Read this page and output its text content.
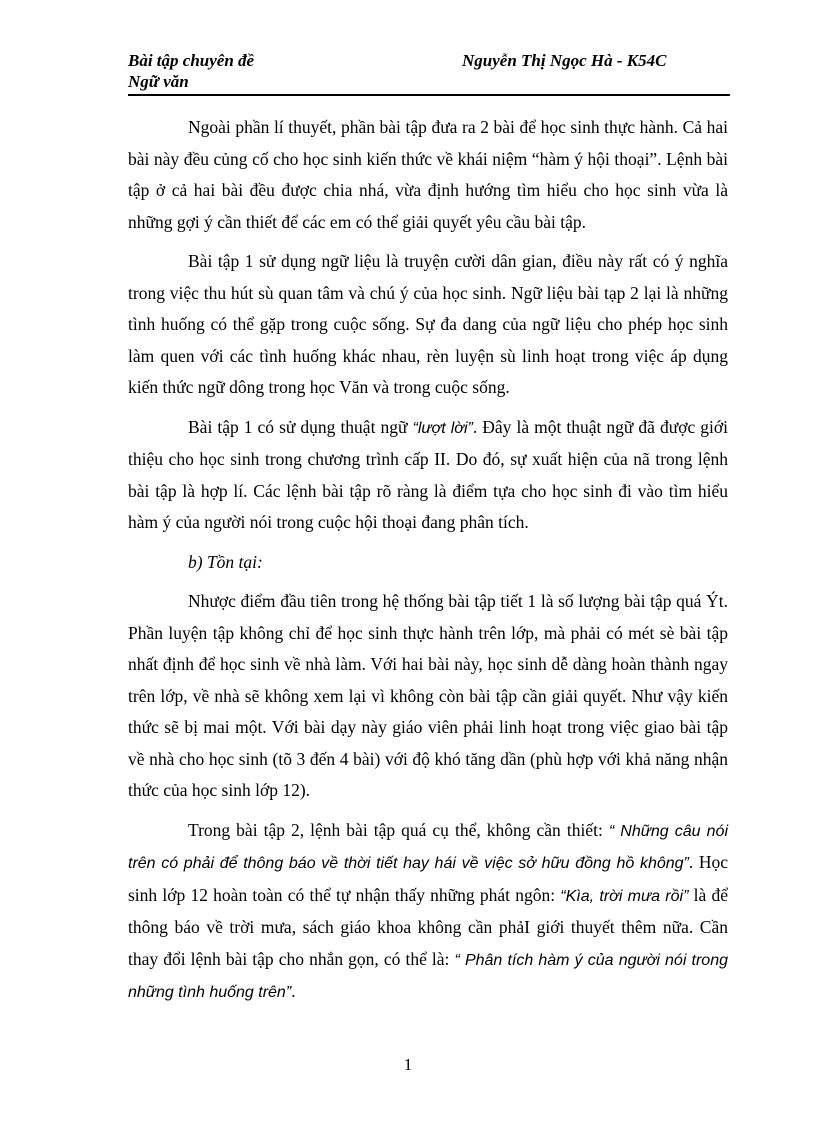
Bài tập chuyên đề
Ngữ văn
Nguyễn Thị Ngọc Hà - K54C

Ngoài phần lí thuyết, phần bài tập đưa ra 2 bài để học sinh thực hành. Cả hai bài này đều củng cố cho học sinh kiến thức về khái niệm “hàm ý hội thoại”. Lệnh bài tập ở cả hai bài đều được chia nhá, vừa định hướng tìm hiểu cho học sinh vừa là những gợi ý cần thiết để các em có thể giải quyết yêu cầu bài tập.

Bài tập 1 sử dụng ngữ liệu là truyện cười dân gian, điều này rất có ý nghĩa trong việc thu hút sù quan tâm và chú ý của học sinh. Ngữ liệu bài tạp 2 lại là những tình huống có thể gặp trong cuộc sống. Sự đa dang của ngữ liệu cho phép học sinh làm quen với các tình huống khác nhau, rèn luyện sù linh hoạt trong việc áp dụng kiến thức ngữ dông trong học Văn và trong cuộc sống.

Bài tập 1 có sử dụng thuật ngữ “lượt lời”. Đây là một thuật ngữ đã được giới thiệu cho học sinh trong chương trình cấp II. Do đó, sự xuất hiện của nã trong lệnh bài tập là hợp lí. Các lệnh bài tập rõ ràng là điểm tựa cho học sinh đi vào tìm hiểu hàm ý của người nói trong cuộc hội thoại đang phân tích.

b) Tồn tại:

Nhược điểm đầu tiên trong hệ thống bài tập tiết 1 là số lượng bài tập quá Ýt. Phần luyện tập không chỉ để học sinh thực hành trên lớp, mà phải có mét sè bài tập nhất định để học sinh về nhà làm. Với hai bài này, học sinh dễ dàng hoàn thành ngay trên lớp, về nhà sẽ không xem lại vì không còn bài tập cần giải quyết. Như vậy kiến thức sẽ bị mai một. Với bài dạy này giáo viên phải linh hoạt trong việc giao bài tập về nhà cho học sinh (tõ 3 đến 4 bài) với độ khó tăng dần (phù hợp với khả năng nhận thức của học sinh lớp 12).

Trong bài tập 2, lệnh bài tập quá cụ thể, không cần thiết: “ Những câu nói trên có phải để thông báo về thời tiết hay hái về việc sở hữu đồng hồ không”. Học sinh lớp 12 hoàn toàn có thể tự nhận thấy những phát ngôn: “Kìa, trời mưa rồi” là để thông báo về trời mưa, sách giáo khoa không cần phảI giới thuyết thêm nữa. Cần thay đổi lệnh bài tập cho nhắn gọn, có thể là: “ Phân tích hàm ý của người nói trong những tình huống trên”.

1
